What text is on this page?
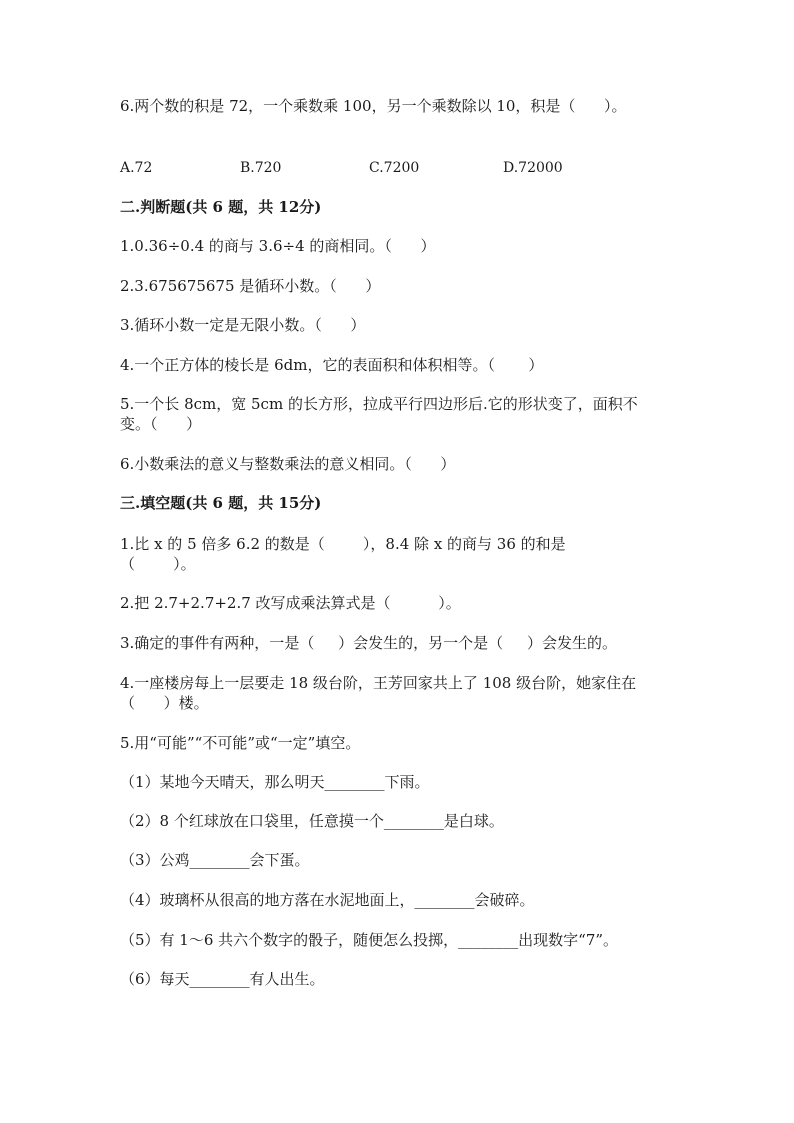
6.两个数的积是 72，一个乘数乘 100，另一个乘数除以 10，积是（      ）。
A.72	B.720	C.7200	D.72000
二.判断题(共 6 题，共 12分)
1.0.36÷0.4 的商与 3.6÷4 的商相同。（      ）
2.3.675675675 是循环小数。（      ）
3.循环小数一定是无限小数。（      ）
4.一个正方体的棱长是 6dm，它的表面积和体积相等。（       ）
5.一个长 8cm，宽 5cm 的长方形，拉成平行四边形后.它的形状变了，面积不
变。（      ）
6.小数乘法的意义与整数乘法的意义相同。（      ）
三.填空题(共 6 题，共 15分)
1.比 x 的 5 倍多 6.2 的数是（        ），8.4 除 x 的商与 36 的和是
（        ）。
2.把 2.7+2.7+2.7 改写成乘法算式是（          ）。
3.确定的事件有两种，一是（     ）会发生的，另一个是（     ）会发生的。
4.一座楼房每上一层要走 18 级台阶，王芳回家共上了 108 级台阶，她家住在
（      ）楼。
5.用“可能”“不可能”或“一定”填空。
（1）某地今天晴天，那么明天________下雨。
（2）8 个红球放在口袋里，任意摸一个________是白球。
（3）公鸡________会下蛋。
（4）玻璃杯从很高的地方落在水泥地面上，________会破碎。
（5）有 1～6 共六个数字的骰子，随便怎么投掷，________出现数字“7”。
（6）每天________有人出生。
